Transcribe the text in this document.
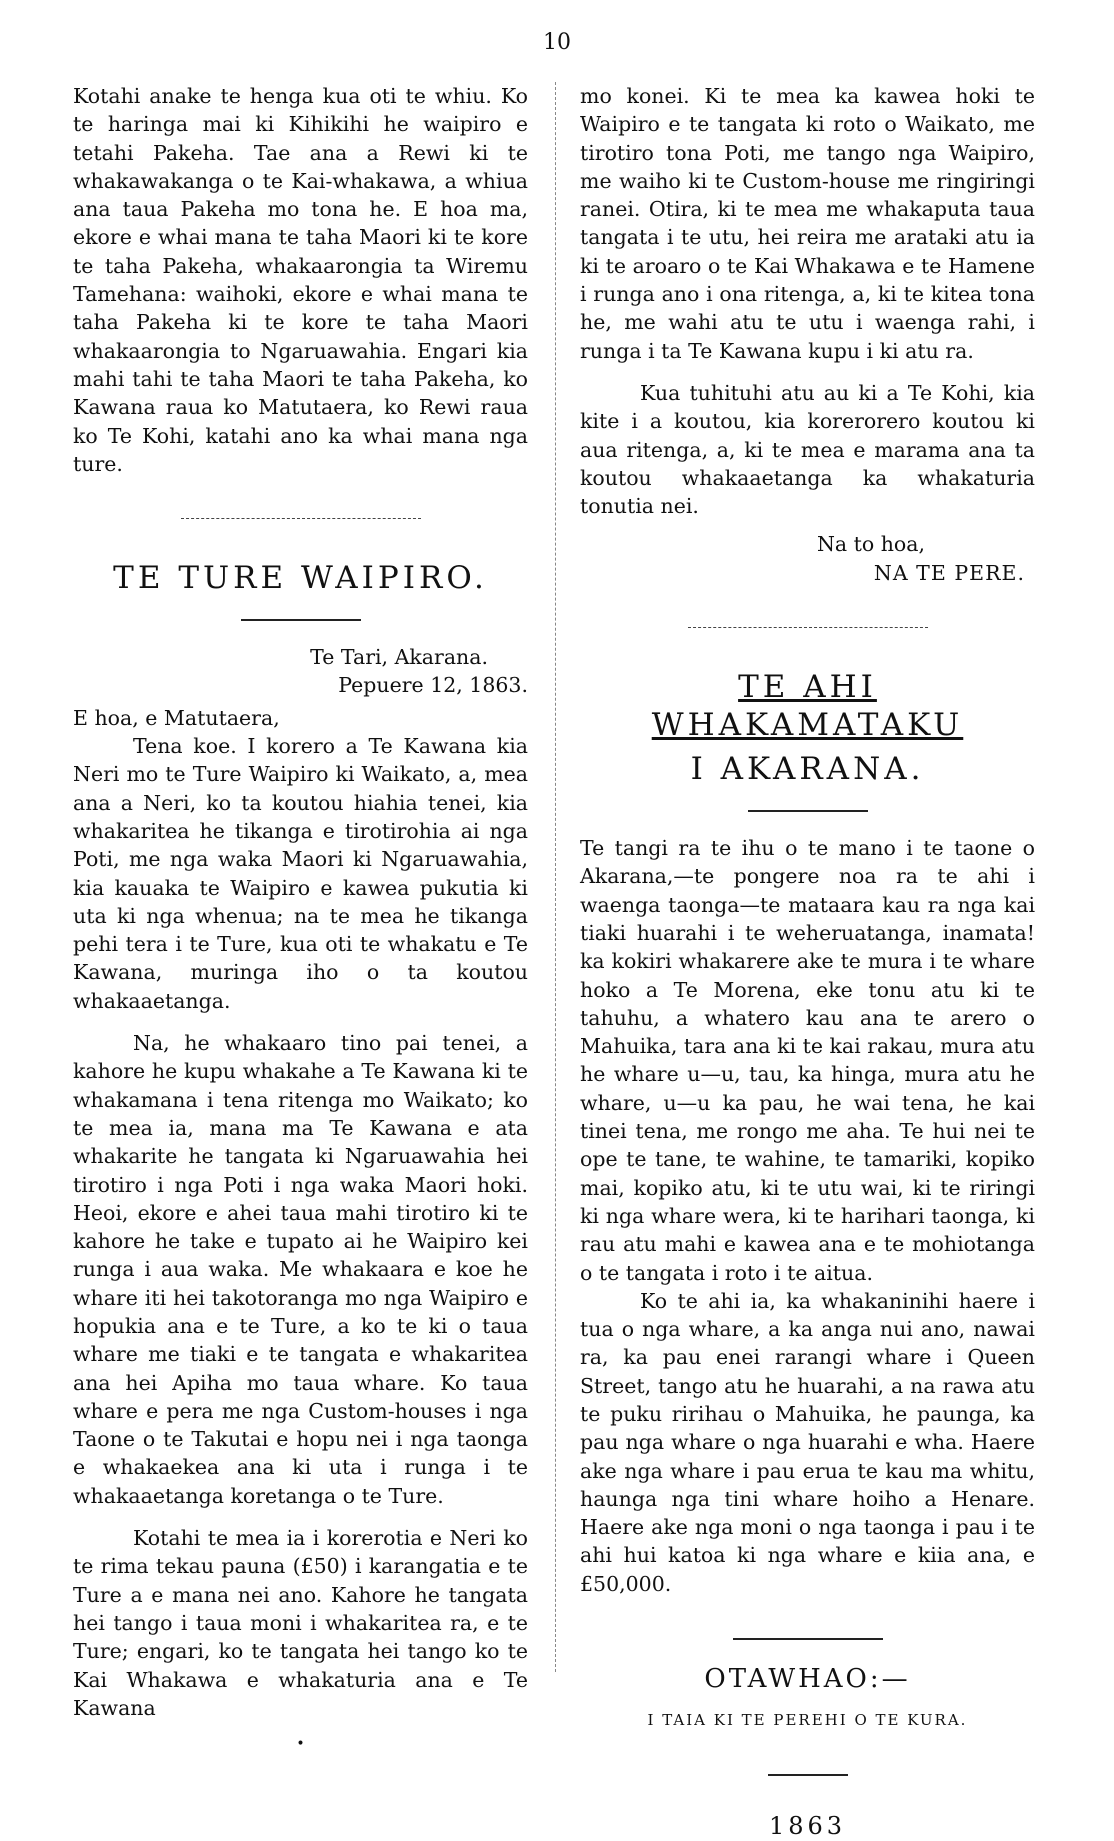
10

Kotahi anake te henga kua oti te whiu. Ko te haringa mai ki Kihikihi he waipiro e tetahi Pakeha. Tae ana a Rewi ki te whakawakanga o te Kai-whakawa, a whiua ana taua Pakeha mo tona he. E hoa ma, ekore e whai mana te taha Maori ki te kore te taha Pakeha, whakaarongia ta Wiremu Tamehana: waihoki, ekore e whai mana te taha Pakeha ki te kore te taha Maori whakaarongia to Ngaruawahia. Engari kia mahi tahi te taha Maori te taha Pakeha, ko Kawana raua ko Matutaera, ko Rewi raua ko Te Kohi, katahi ano ka whai mana nga ture.

TE TURE WAIPIRO.
Te Tari, Akarana.
Pepuere 12, 1863.
E hoa, e Matutaera,

Tena koe. I korero a Te Kawana kia Neri mo te Ture Waipiro ki Waikato, a, mea ana a Neri, ko ta koutou hiahia tenei, kia whakaritea he tikanga e tirotirohia ai nga Poti, me nga waka Maori ki Ngaruawahia, kia kauaka te Waipiro e kawea pukutia ki uta ki nga whenua; na te mea he tikanga pehi tera i te Ture, kua oti te whakatu e Te Kawana, muringa iho o ta koutou whakaaetanga.

Na, he whakaaro tino pai tenei, a kahore he kupu whakahe a Te Kawana ki te whakamana i tena ritenga mo Waikato; ko te mea ia, mana ma Te Kawana e ata whakarite he tangata ki Ngaruawahia hei tirotiro i nga Poti i nga waka Maori hoki. Heoi, ekore e ahei taua mahi tirotiro ki te kahore he take e tupato ai he Waipiro kei runga i aua waka. Me whakaara e koe he whare iti hei takotoranga mo nga Waipiro e hopukia ana e te Ture, a ko te ki o taua whare me tiaki e te tangata e whakaritea ana hei Apiha mo taua whare. Ko taua whare e pera me nga Custom-houses i nga Taone o te Takutai e hopu nei i nga taonga e whakaekea ana ki uta i runga i te whakaaetanga koretanga o te Ture.

Kotahi te mea ia i korerotia e Neri ko te rima tekau pauna (£50) i karangatia e te Ture a e mana nei ano. Kahore he tangata hei tango i taua moni i whakaritea ra, e te Ture; engari, ko te tangata hei tango ko te Kai Whakawa e whakaturia ana e Te Kawana

•

mo konei. Ki te mea ka kawea hoki te Waipiro e te tangata ki roto o Waikato, me tirotiro tona Poti, me tango nga Waipiro, me waiho ki te Custom-house me ringiringi ranei. Otira, ki te mea me whakaputa taua tangata i te utu, hei reira me arataki atu ia ki te aroaro o te Kai Whakawa e te Hamene i runga ano i ona ritenga, a, ki te kitea tona he, me wahi atu te utu i waenga rahi, i runga i ta Te Kawana kupu i ki atu ra.

Kua tuhituhi atu au ki a Te Kohi, kia kite i a koutou, kia korerorero koutou ki aua ritenga, a, ki te mea e marama ana ta koutou whakaaetanga ka whakaturia tonutia nei.

Na to hoa,
NA TE PERE.
TE AHI WHAKAMATAKU
I AKARANA.

Te tangi ra te ihu o te mano i te taone o Akarana,—te pongere noa ra te ahi i waenga taonga—te mataara kau ra nga kai tiaki huarahi i te weheruatanga, inamata! ka kokiri whakarere ake te mura i te whare hoko a Te Morena, eke tonu atu ki te tahuhu, a whatero kau ana te arero o Mahuika, tara ana ki te kai rakau, mura atu he whare u—u, tau, ka hinga, mura atu he whare, u—u ka pau, he wai tena, he kai tinei tena, me rongo me aha. Te hui nei te ope te tane, te wahine, te tamariki, kopiko mai, kopiko atu, ki te utu wai, ki te riringi ki nga whare wera, ki te harihari taonga, ki rau atu mahi e kawea ana e te mohiotanga o te tangata i roto i te aitua.

Ko te ahi ia, ka whakaninihi haere i tua o nga whare, a ka anga nui ano, nawai ra, ka pau enei rarangi whare i Queen Street, tango atu he huarahi, a na rawa atu te puku ririhau o Mahuika, he paunga, ka pau nga whare o nga huarahi e wha. Haere ake nga whare i pau erua te kau ma whitu, haunga nga tini whare hoiho a Henare. Haere ake nga moni o nga taonga i pau i te ahi hui katoa ki nga whare e kiia ana, e £50,000.

OTAWHAO:—
I TAIA KI TE PEREHI O TE KURA.
1863
